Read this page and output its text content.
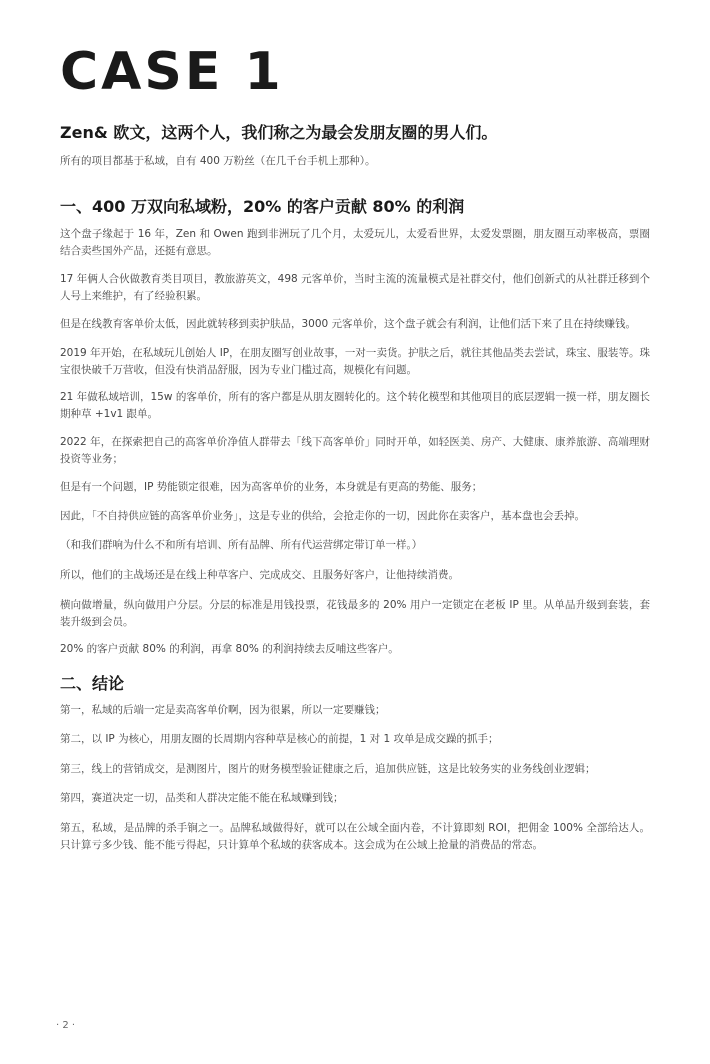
CASE 1
Zen& 欧文，这两个人，我们称之为最会发朋友圈的男人们。

所有的项目都基于私域，自有 400 万粉丝（在几千台手机上那种）。

一、400 万双向私域粉，20% 的客户贡献 80% 的利润

这个盘子缘起于 16 年，Zen 和 Owen 跑到非洲玩了几个月，太爱玩儿，太爱看世界，太爱发票圈，朋友圈互动率极高，票圈结合卖些国外产品，还挺有意思。

17 年俩人合伙做教育类目项目，教旅游英文，498 元客单价，当时主流的流量模式是社群交付，他们创新式的从社群迁移到个人号上来维护，有了经验积累。

但是在线教育客单价太低，因此就转移到卖护肤品，3000 元客单价，这个盘子就会有利润，让他们活下来了且在持续赚钱。

2019 年开始，在私域玩儿创始人 IP，在朋友圈写创业故事，一对一卖货。护肤之后，就往其他品类去尝试，珠宝、服装等。珠宝很快破千万营收，但没有快消品舒服，因为专业门槛过高，规模化有问题。

21 年做私域培训，15w 的客单价，所有的客户都是从朋友圈转化的。这个转化模型和其他项目的底层逻辑一摸一样，朋友圈长期种草 +1v1 跟单。

2022 年，在探索把自己的高客单价净值人群带去「线下高客单价」同时开单，如轻医美、房产、大健康、康养旅游、高端理财投资等业务；

但是有一个问题，IP 势能锁定很难，因为高客单价的业务，本身就是有更高的势能、服务；

因此，「不自持供应链的高客单价业务」，这是专业的供给，会抢走你的一切，因此你在卖客户，基本盘也会丢掉。

（和我们群响为什么不和所有培训、所有品牌、所有代运营绑定带订单一样。）

所以，他们的主战场还是在线上种草客户、完成成交、且服务好客户，让他持续消费。

横向做增量，纵向做用户分层。分层的标准是用钱投票，花钱最多的 20% 用户一定锁定在老板 IP 里。从单品升级到套装，套装升级到会员。

20% 的客户贡献 80% 的利润，再拿 80% 的利润持续去反哺这些客户。

二、结论

第一，私域的后端一定是卖高客单价啊，因为很累，所以一定要赚钱；

第二，以 IP 为核心，用朋友圈的长周期内容种草是核心的前提，1 对 1 攻单是成交躁的抓手；

第三，线上的营销成交，是测图片，图片的财务模型验证健康之后，追加供应链，这是比较务实的业务线创业逻辑；

第四，赛道决定一切，品类和人群决定能不能在私域赚到钱；

第五，私域，是品牌的杀手锏之一。品牌私域做得好，就可以在公域全面内卷，不计算即刻 ROI，把佣金 100% 全部给达人。只计算亏多少钱、能不能亏得起，只计算单个私域的获客成本。这会成为在公域上抢量的消费品的常态。

· 2 ·
